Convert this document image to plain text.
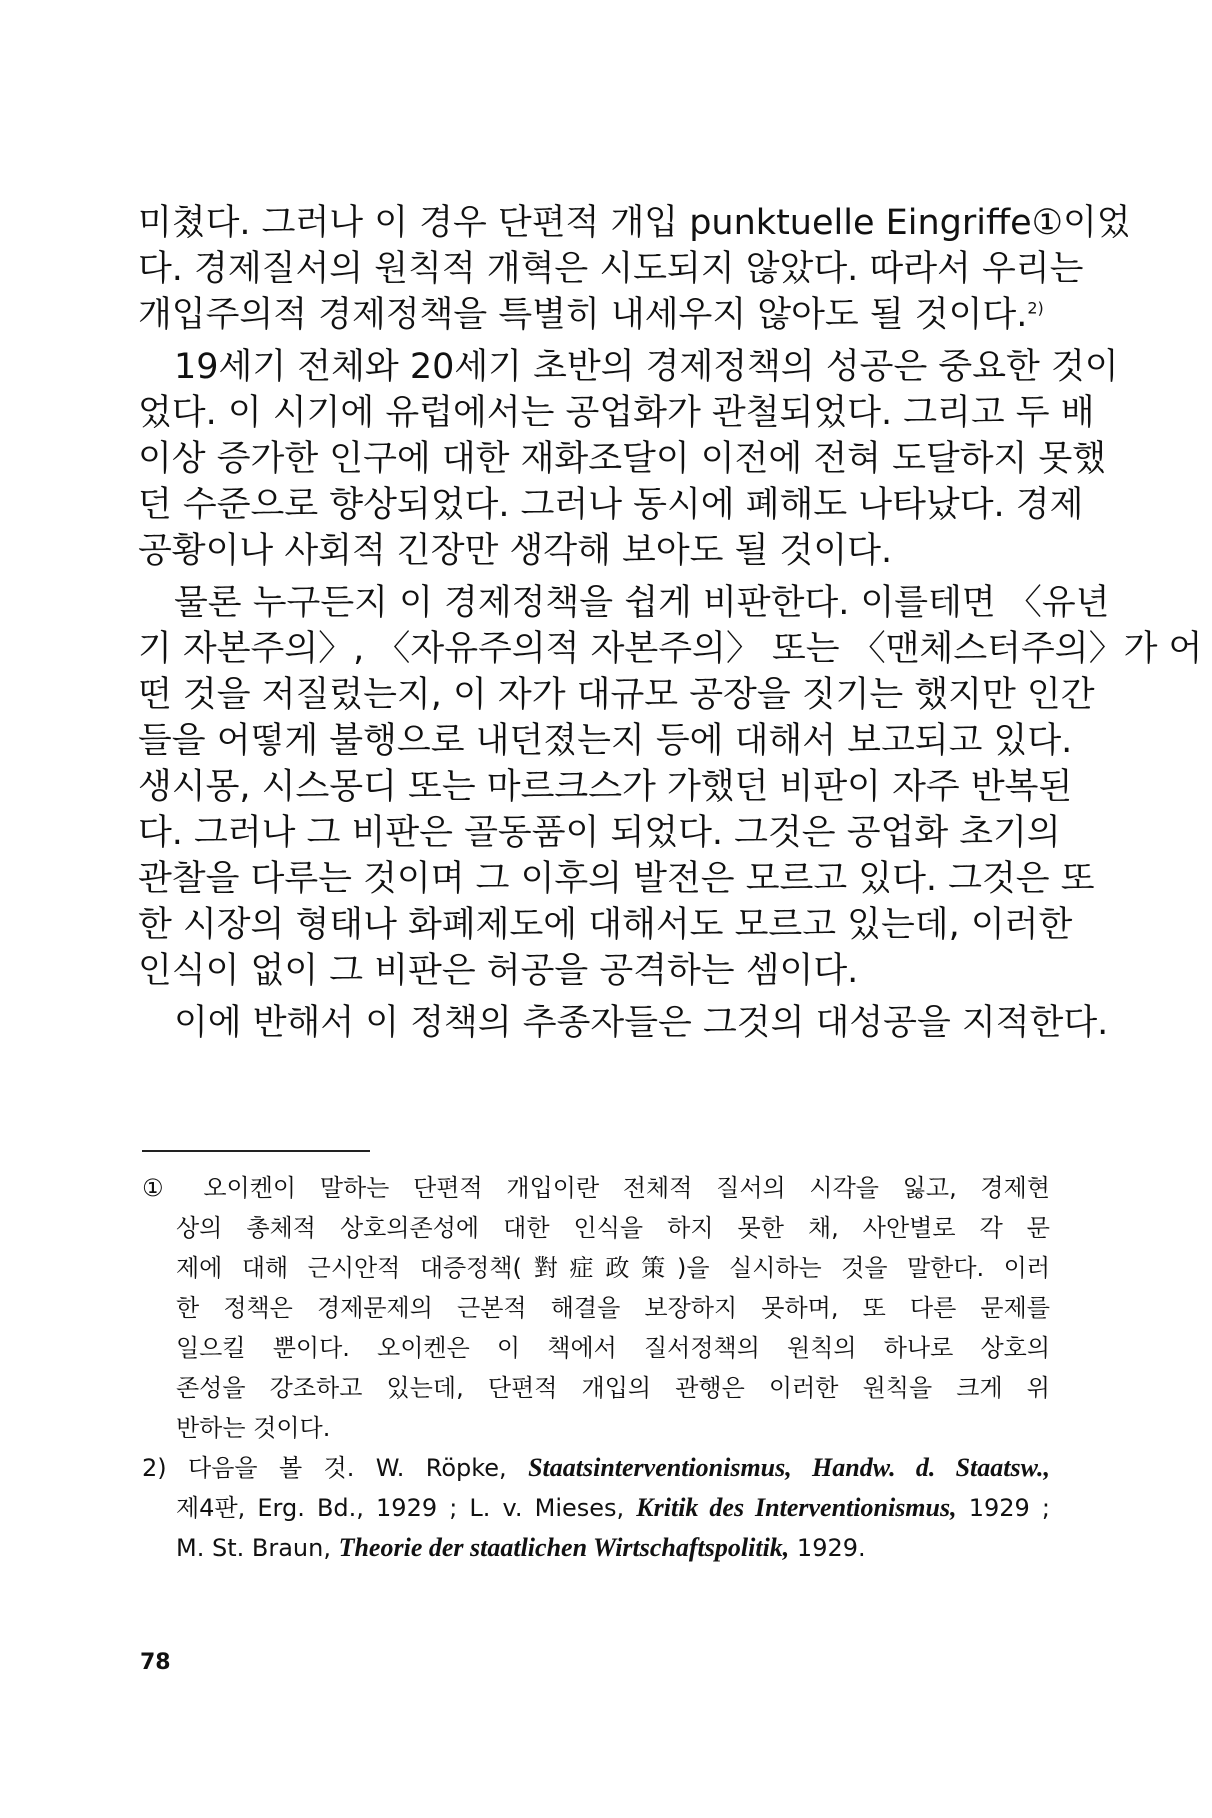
미쳤다. 그러나 이 경우 단편적 개입 punktuelle Eingriffe①이었
다. 경제질서의 원칙적 개혁은 시도되지 않았다. 따라서 우리는
개입주의적 경제정책을 특별히 내세우지 않아도 될 것이다.$^{2)}$
19세기 전체와 20세기 초반의 경제정책의 성공은 중요한 것이
었다. 이 시기에 유럽에서는 공업화가 관철되었다. 그리고 두 배
이상 증가한 인구에 대한 재화조달이 이전에 전혀 도달하지 못했
던 수준으로 향상되었다. 그러나 동시에 폐해도 나타났다. 경제
공황이나 사회적 긴장만 생각해 보아도 될 것이다.
물론 누구든지 이 경제정책을 쉽게 비판한다. 이를테면 〈유년
기 자본주의〉, 〈자유주의적 자본주의〉 또는 〈맨체스터주의〉가 어
떤 것을 저질렀는지, 이 자가 대규모 공장을 짓기는 했지만 인간
들을 어떻게 불행으로 내던졌는지 등에 대해서 보고되고 있다.
생시몽, 시스몽디 또는 마르크스가 가했던 비판이 자주 반복된
다. 그러나 그 비판은 골동품이 되었다. 그것은 공업화 초기의
관찰을 다루는 것이며 그 이후의 발전은 모르고 있다. 그것은 또
한 시장의 형태나 화폐제도에 대해서도 모르고 있는데, 이러한
인식이 없이 그 비판은 허공을 공격하는 셈이다.
이에 반해서 이 정책의 추종자들은 그것의 대성공을 지적한다.
① 오이켄이 말하는 단편적 개입이란 전체적 질서의 시각을 잃고, 경제현
상의 총체적 상호의존성에 대한 인식을 하지 못한 채, 사안별로 각 문
제에 대해 근시안적 대증정책(對症政策)을 실시하는 것을 말한다. 이러
한 정책은 경제문제의 근본적 해결을 보장하지 못하며, 또 다른 문제를
일으킬 뿐이다. 오이켄은 이 책에서 질서정책의 원칙의 하나로 상호의
존성을 강조하고 있는데, 단편적 개입의 관행은 이러한 원칙을 크게 위
반하는 것이다.
2) 다음을 볼 것. W. Röpke, Staatsinterventionismus, Handw. d. Staatsw.,
제4판, Erg. Bd., 1929 ; L. v. Mieses, Kritik des Interventionismus, 1929 ;
M. St. Braun, Theorie der staatlichen Wirtschaftspolitik, 1929.
78
